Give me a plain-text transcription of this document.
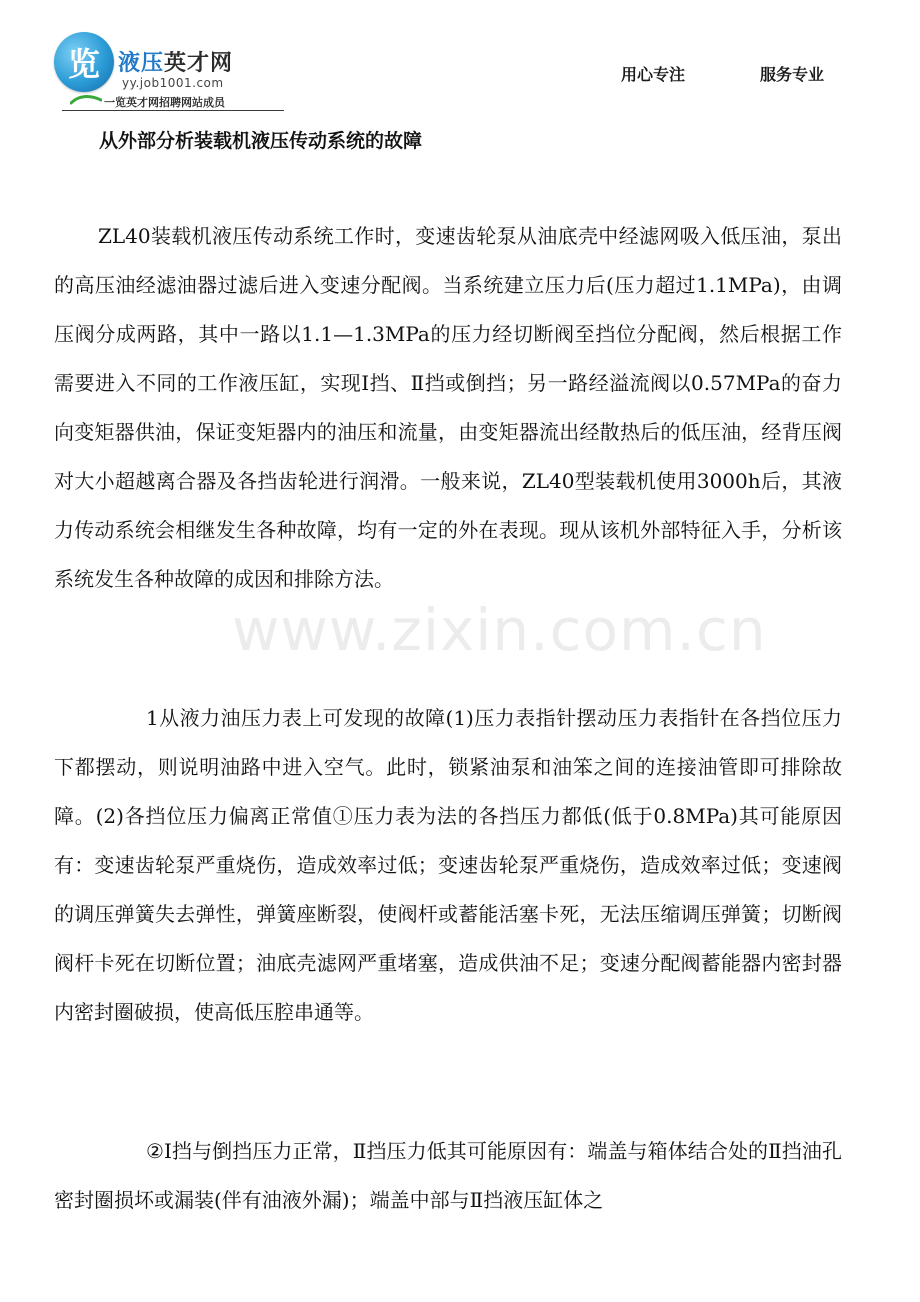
览 液压英才网
yy.job1001.com
一览英才网招聘网站成员
用心专注	服务专业
从外部分析装载机液压传动系统的故障

ZL40装载机液压传动系统工作时，变速齿轮泵从油底壳中经滤网吸入低压油，泵出的高压油经滤油器过滤后进入变速分配阀。当系统建立压力后(压力超过1.1MPa)，由调压阀分成两路，其中一路以1.1—1.3MPa的压力经切断阀至挡位分配阀，然后根据工作需要进入不同的工作液压缸，实现Ⅰ挡、Ⅱ挡或倒挡；另一路经溢流阀以0.57MPa的奋力向变矩器供油，保证变矩器内的油压和流量，由变矩器流出经散热后的低压油，经背压阀对大小超越离合器及各挡齿轮进行润滑。一般来说，ZL40型装载机使用3000h后，其液力传动系统会相继发生各种故障，均有一定的外在表现。现从该机外部特征入手，分析该系统发生各种故障的成因和排除方法。

1从液力油压力表上可发现的故障(1)压力表指针摆动压力表指针在各挡位压力下都摆动，则说明油路中进入空气。此时，锁紧油泵和油笨之间的连接油管即可排除故障。(2)各挡位压力偏离正常值①压力表为法的各挡压力都低(低于0.8MPa)其可能原因有：变速齿轮泵严重烧伤，造成效率过低；变速齿轮泵严重烧伤，造成效率过低；变速阀的调压弹簧失去弹性，弹簧座断裂，使阀杆或蓄能活塞卡死，无法压缩调压弹簧；切断阀阀杆卡死在切断位置；油底壳滤网严重堵塞，造成供油不足；变速分配阀蓄能器内密封器内密封圈破损，使高低压腔串通等。

②Ⅰ挡与倒挡压力正常，Ⅱ挡压力低其可能原因有：端盖与箱体结合处的Ⅱ挡油孔密封圈损坏或漏装(伴有油液外漏)；端盖中部与Ⅱ挡液压缸体之

www.zixin.com.cn
